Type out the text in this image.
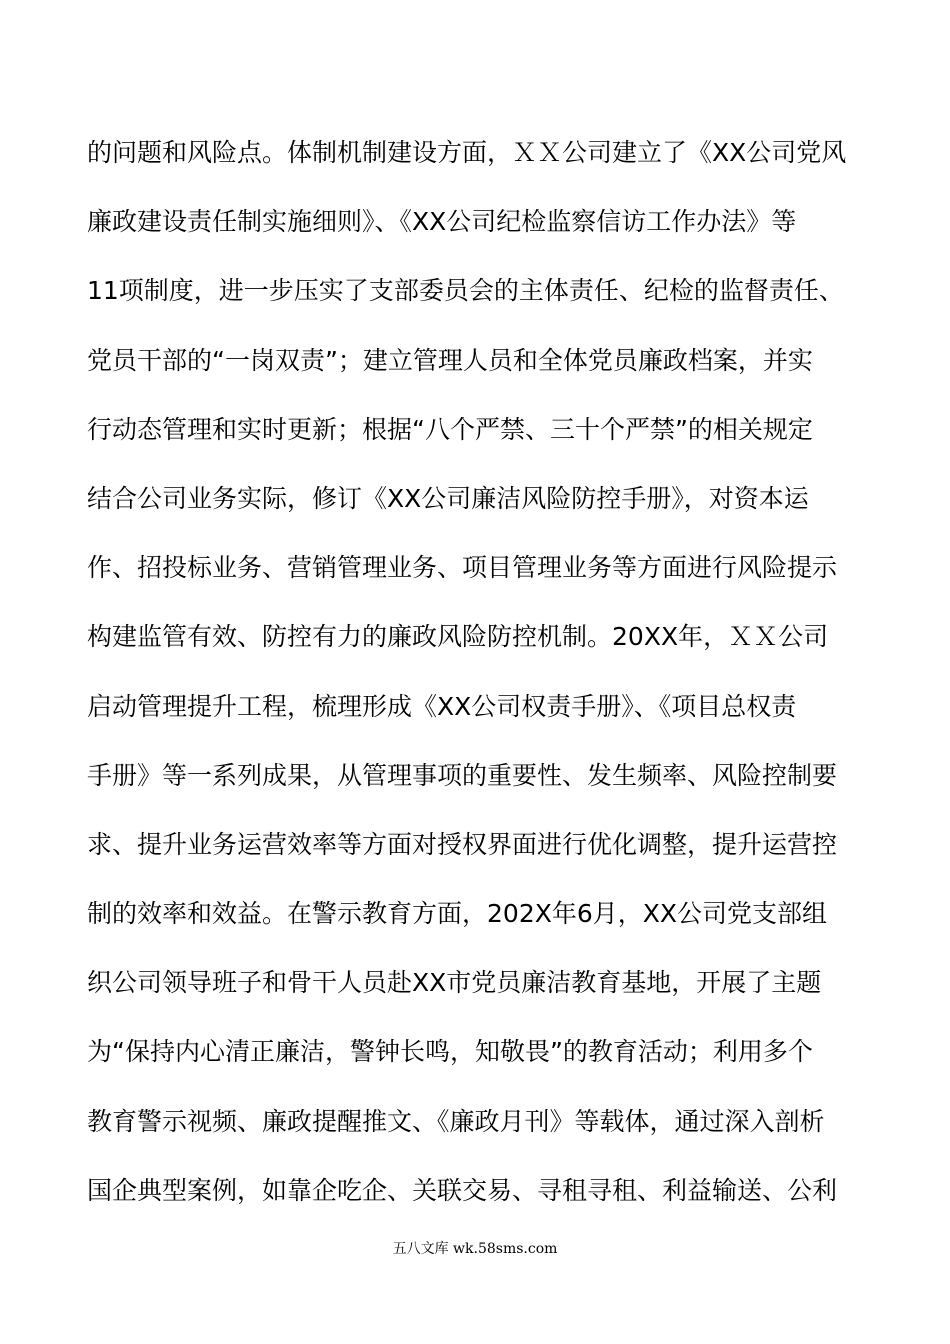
的问题和风险点。体制机制建设方面，ＸＸ公司建立了《XX公司党风
廉政建设责任制实施细则》、《XX公司纪检监察信访工作办法》等
11项制度，进一步压实了支部委员会的主体责任、纪检的监督责任、
党员干部的“一岗双责”；建立管理人员和全体党员廉政档案，并实
行动态管理和实时更新；根据“八个严禁、三十个严禁”的相关规定
结合公司业务实际，修订《XX公司廉洁风险防控手册》，对资本运
作、招投标业务、营销管理业务、项目管理业务等方面进行风险提示
构建监管有效、防控有力的廉政风险防控机制。20XX年，ＸＸ公司
启动管理提升工程，梳理形成《XX公司权责手册》、《项目总权责
手册》等一系列成果，从管理事项的重要性、发生频率、风险控制要
求、提升业务运营效率等方面对授权界面进行优化调整，提升运营控
制的效率和效益。在警示教育方面，202X年6月，XX公司党支部组
织公司领导班子和骨干人员赴XX市党员廉洁教育基地，开展了主题
为“保持内心清正廉洁，警钟长鸣，知敬畏”的教育活动；利用多个
教育警示视频、廉政提醒推文、《廉政月刊》等载体，通过深入剖析
国企典型案例，如靠企吃企、关联交易、寻租寻租、利益输送、公利
五八文库 wk.58sms.com
